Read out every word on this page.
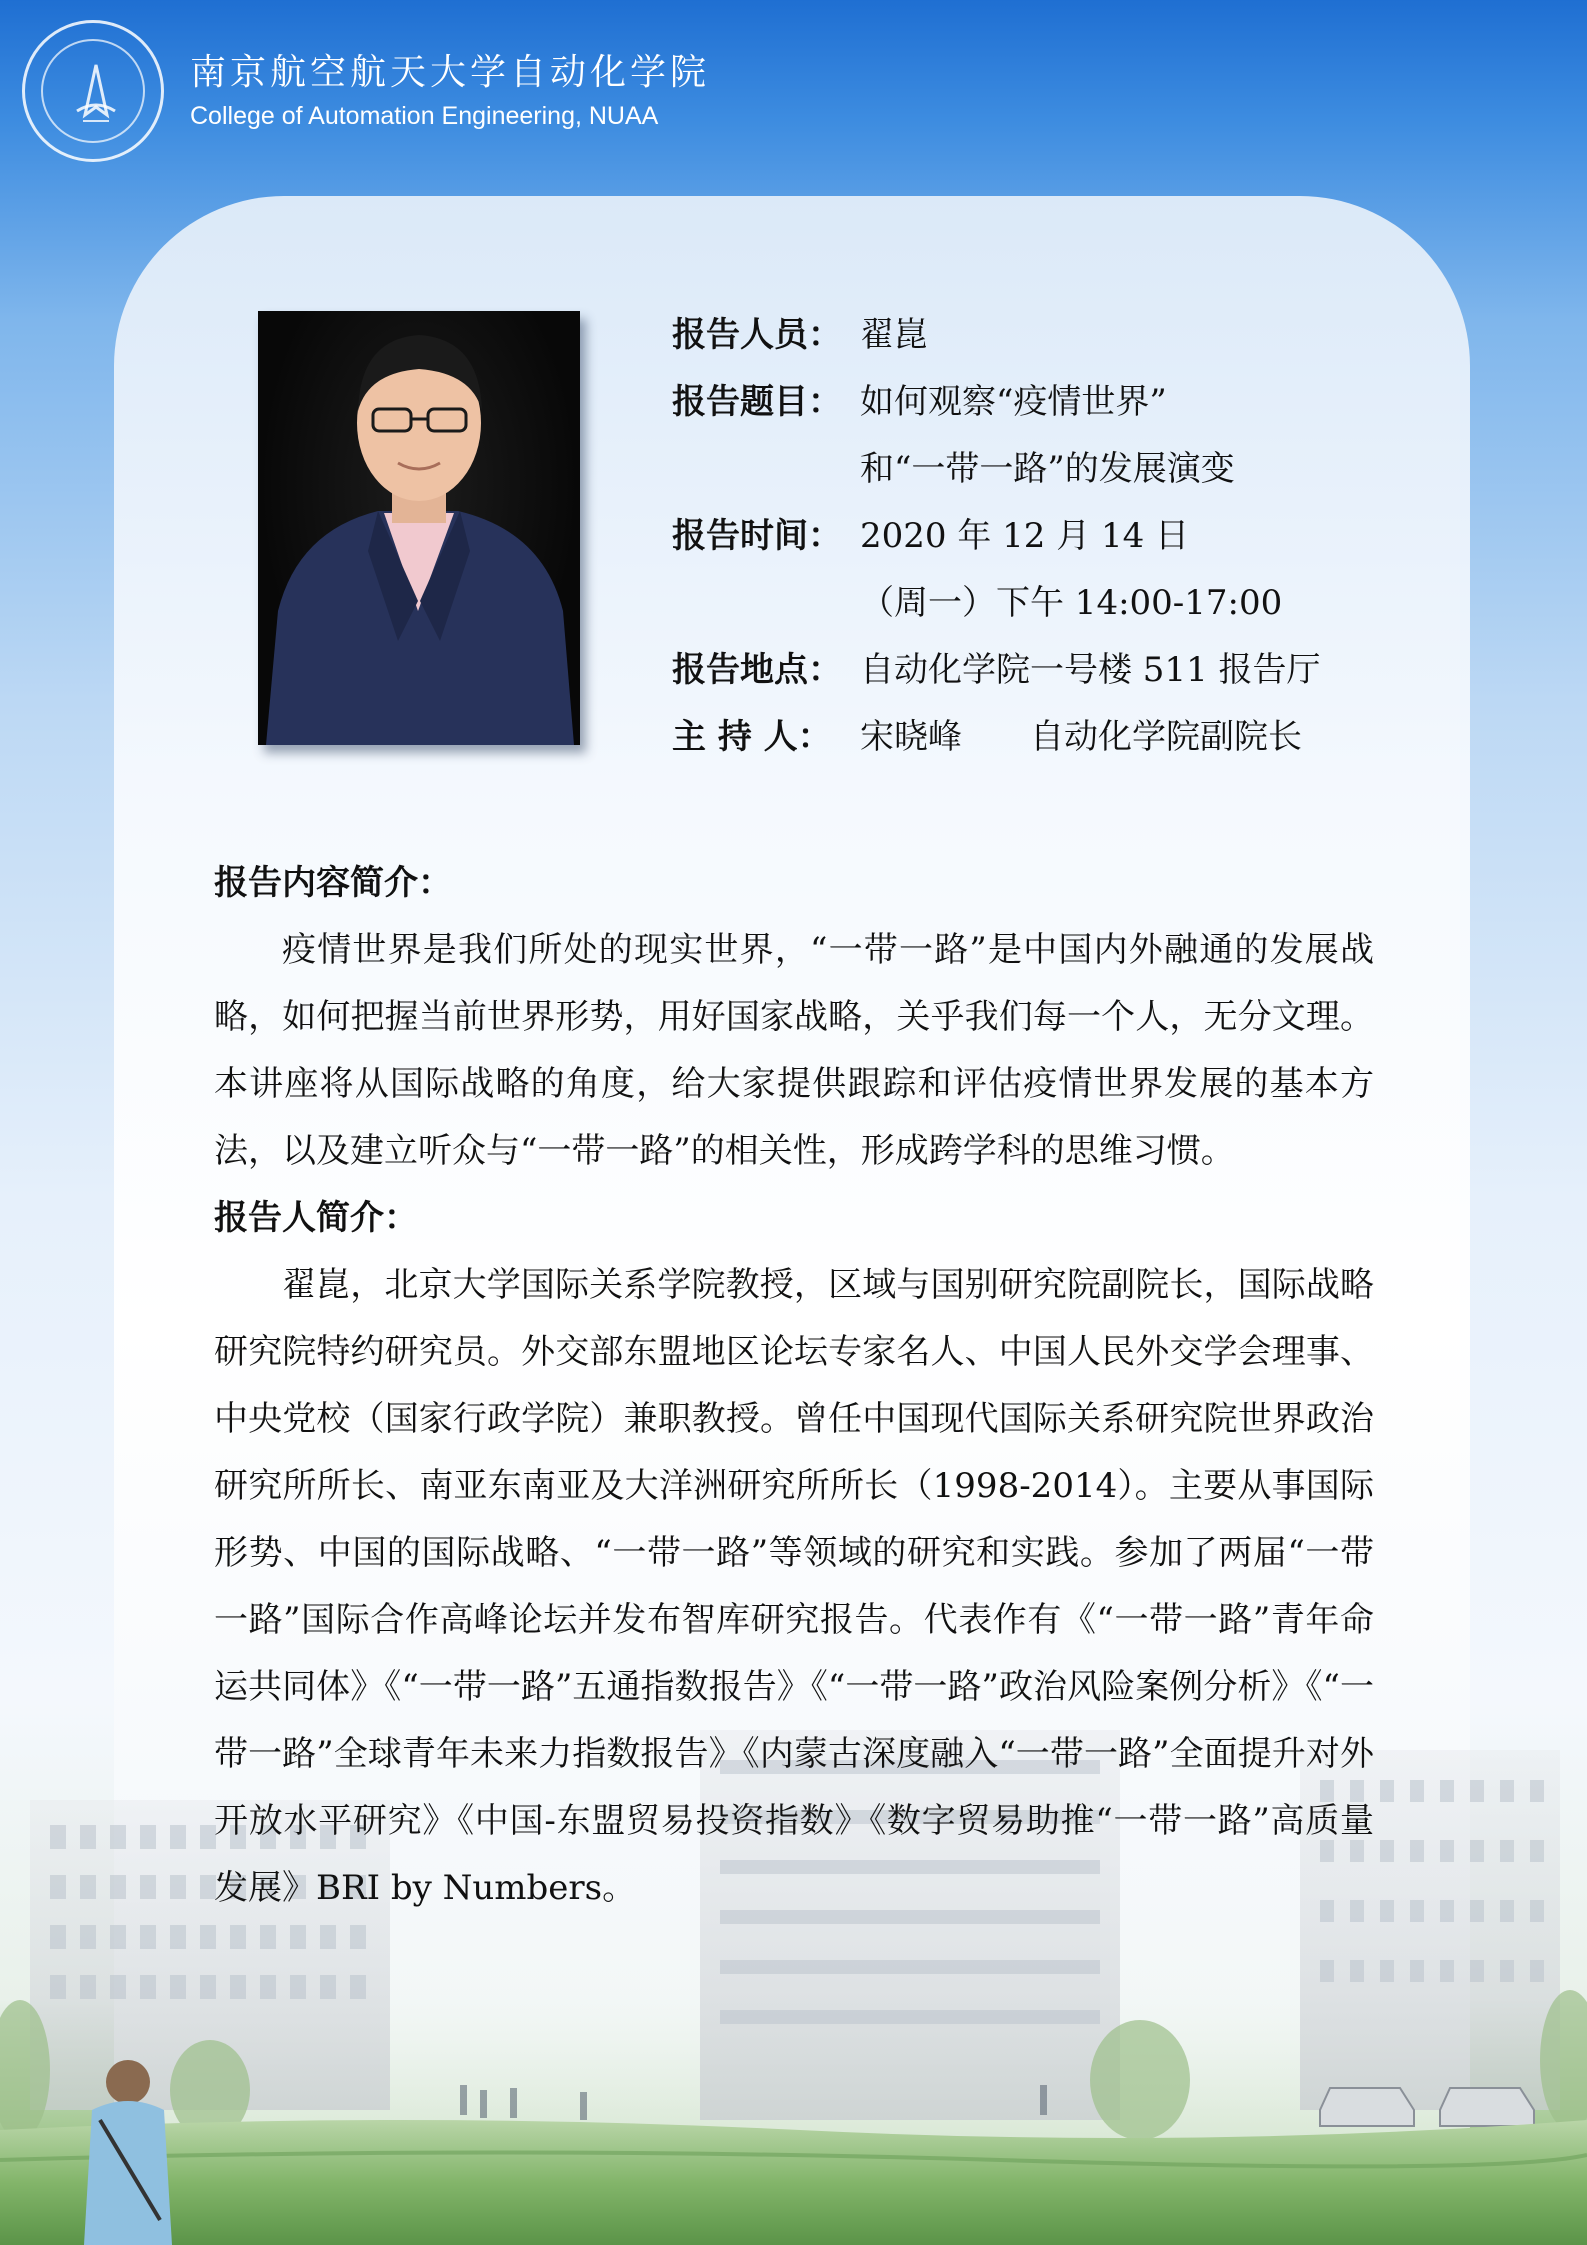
南京航空航天大学自动化学院
College of Automation Engineering, NUAA
报告人员： 翟崑
报告题目： 如何观察“疫情世界”
和“一带一路”的发展演变
报告时间： 2020 年 12 月 14 日
（周一）下午 14:00-17:00
报告地点： 自动化学院一号楼 511 报告厅
主 持 人： 宋晓峰　　自动化学院副院长
报告内容简介：

疫情世界是我们所处的现实世界，“一带一路”是中国内外融通的发展战略，如何把握当前世界形势，用好国家战略，关乎我们每一个人，无分文理。本讲座将从国际战略的角度，给大家提供跟踪和评估疫情世界发展的基本方法，以及建立听众与“一带一路”的相关性，形成跨学科的思维习惯。

报告人简介：

翟崑，北京大学国际关系学院教授，区域与国别研究院副院长，国际战略研究院特约研究员。外交部东盟地区论坛专家名人、中国人民外交学会理事、中央党校（国家行政学院）兼职教授。曾任中国现代国际关系研究院世界政治研究所所长、南亚东南亚及大洋洲研究所所长（1998-2014）。主要从事国际形势、中国的国际战略、“一带一路”等领域的研究和实践。参加了两届“一带一路”国际合作高峰论坛并发布智库研究报告。代表作有《“一带一路”青年命运共同体》《“一带一路”五通指数报告》《“一带一路”政治风险案例分析》《“一带一路”全球青年未来力指数报告》《内蒙古深度融入“一带一路”全面提升对外开放水平研究》《中国-东盟贸易投资指数》《数字贸易助推“一带一路”高质量发展》BRI by Numbers。
